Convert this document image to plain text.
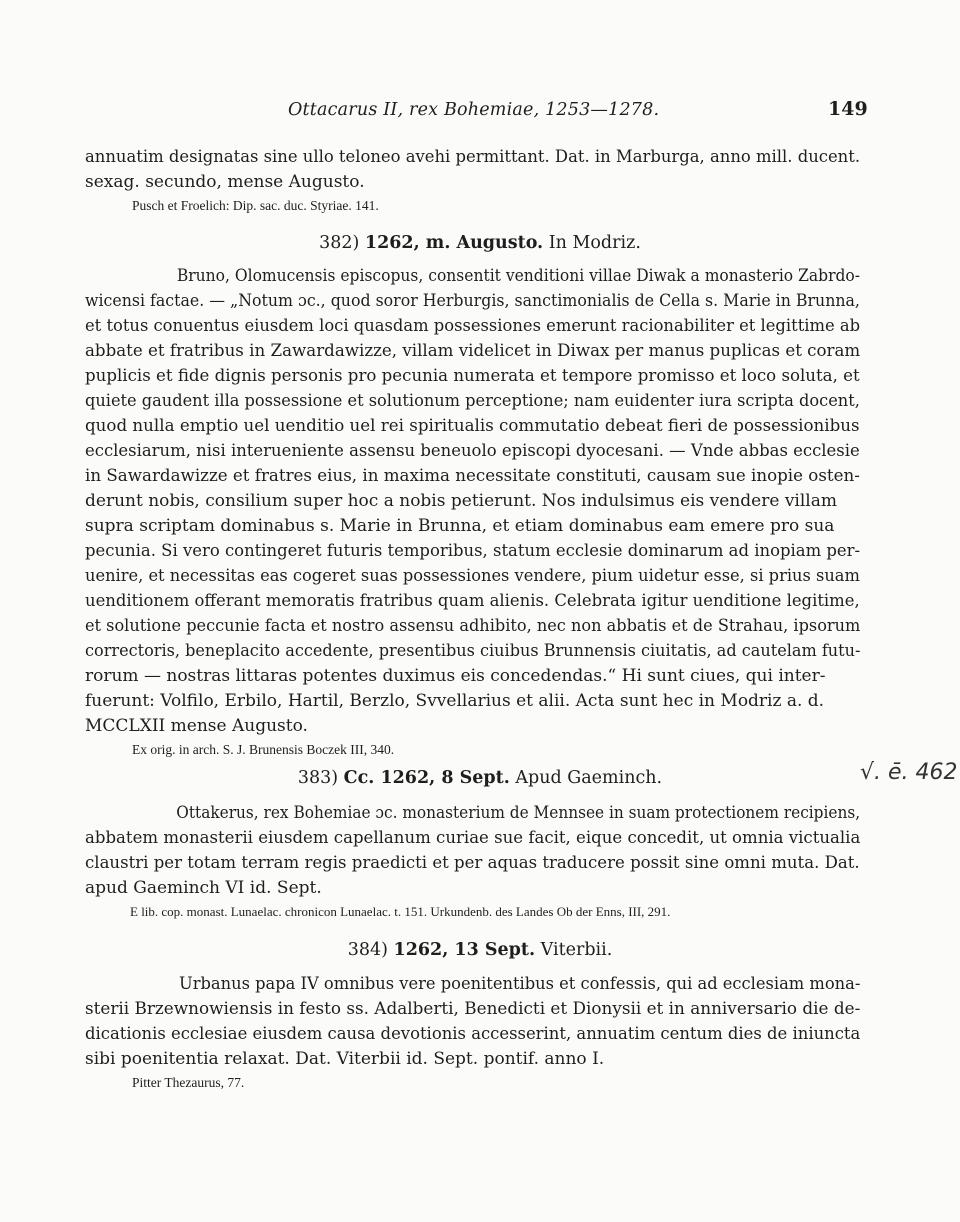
Ottacarus II, rex Bohemiae, 1253—1278.	149
annuatim designatas sine ullo teloneo avehi permittant. Dat. in Marburga, anno mill. ducent.
sexag. secundo, mense Augusto.
Pusch et Froelich: Dip. sac. duc. Styriae. 141.
382) 1262, m. Augusto. In Modriz.
Bruno, Olomucensis episcopus, consentit venditioni villae Diwak a monasterio Zabrdo-
wicensi factae. — „Notum ɔc., quod soror Herburgis, sanctimonialis de Cella s. Marie in Brunna,
et totus conuentus eiusdem loci quasdam possessiones emerunt racionabiliter et legittime ab
abbate et fratribus in Zawardawizze, villam videlicet in Diwax per manus puplicas et coram
puplicis et fide dignis personis pro pecunia numerata et tempore promisso et loco soluta, et
quiete gaudent illa possessione et solutionum perceptione; nam euidenter iura scripta docent,
quod nulla emptio uel uenditio uel rei spiritualis commutatio debeat fieri de possessionibus
ecclesiarum, nisi interueniente assensu beneuolo episcopi dyocesani. — Vnde abbas ecclesie
in Sawardawizze et fratres eius, in maxima necessitate constituti, causam sue inopie osten-
derunt nobis, consilium super hoc a nobis petierunt. Nos indulsimus eis vendere villam
supra scriptam dominabus s. Marie in Brunna, et etiam dominabus eam emere pro sua
pecunia. Si vero contingeret futuris temporibus, statum ecclesie dominarum ad inopiam per-
uenire, et necessitas eas cogeret suas possessiones vendere, pium uidetur esse, si prius suam
uenditionem offerant memoratis fratribus quam alienis. Celebrata igitur uenditione legitime,
et solutione peccunie facta et nostro assensu adhibito, nec non abbatis et de Strahau, ipsorum
correctoris, beneplacito accedente, presentibus ciuibus Brunnensis ciuitatis, ad cautelam futu-
rorum — nostras littaras potentes duximus eis concedendas.“ Hi sunt ciues, qui inter-
fuerunt: Volfilo, Erbilo, Hartil, Berzlo, Svvellarius et alii. Acta sunt hec in Modriz a. d.
MCCLXII mense Augusto.
Ex orig. in arch. S. J. Brunensis Boczek III, 340.
383) Cc. 1262, 8 Sept. Apud Gaeminch.	√. ē. 462
Ottakerus, rex Bohemiae ɔc. monasterium de Mennsee in suam protectionem recipiens,
abbatem monasterii eiusdem capellanum curiae sue facit, eique concedit, ut omnia victualia
claustri per totam terram regis praedicti et per aquas traducere possit sine omni muta. Dat.
apud Gaeminch VI id. Sept.
E lib. cop. monast. Lunaelac. chronicon Lunaelac. t. 151. Urkundenb. des Landes Ob der Enns, III, 291.
384) 1262, 13 Sept. Viterbii.
Urbanus papa IV omnibus vere poenitentibus et confessis, qui ad ecclesiam mona-
sterii Brzewnowiensis in festo ss. Adalberti, Benedicti et Dionysii et in anniversario die de-
dicationis ecclesiae eiusdem causa devotionis accesserint, annuatim centum dies de iniuncta
sibi poenitentia relaxat. Dat. Viterbii id. Sept. pontif. anno I.
Pitter Thezaurus, 77.
